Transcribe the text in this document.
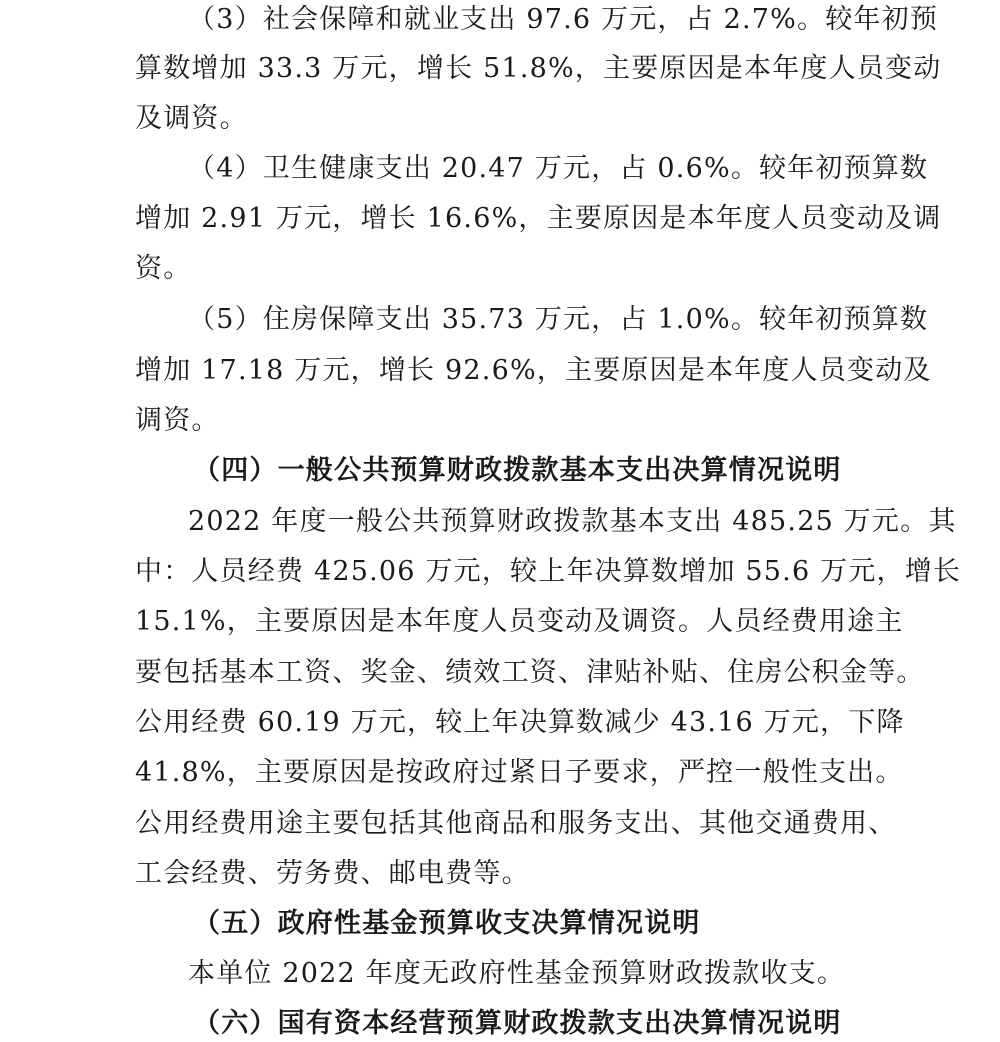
（3）社会保障和就业支出 97.6 万元，占 2.7%。较年初预
算数增加 33.3 万元，增长 51.8%，主要原因是本年度人员变动
及调资。
（4）卫生健康支出 20.47 万元，占 0.6%。较年初预算数
增加 2.91 万元，增长 16.6%，主要原因是本年度人员变动及调
资。
（5）住房保障支出 35.73 万元，占 1.0%。较年初预算数
增加 17.18 万元，增长 92.6%，主要原因是本年度人员变动及
调资。
（四）一般公共预算财政拨款基本支出决算情况说明
2022 年度一般公共预算财政拨款基本支出 485.25 万元。其
中：人员经费 425.06 万元，较上年决算数增加 55.6 万元，增长
15.1%，主要原因是本年度人员变动及调资。人员经费用途主
要包括基本工资、奖金、绩效工资、津贴补贴、住房公积金等。
公用经费 60.19 万元，较上年决算数减少 43.16 万元，下降
41.8%，主要原因是按政府过紧日子要求，严控一般性支出。
公用经费用途主要包括其他商品和服务支出、其他交通费用、
工会经费、劳务费、邮电费等。
（五）政府性基金预算收支决算情况说明
本单位 2022 年度无政府性基金预算财政拨款收支。
（六）国有资本经营预算财政拨款支出决算情况说明
